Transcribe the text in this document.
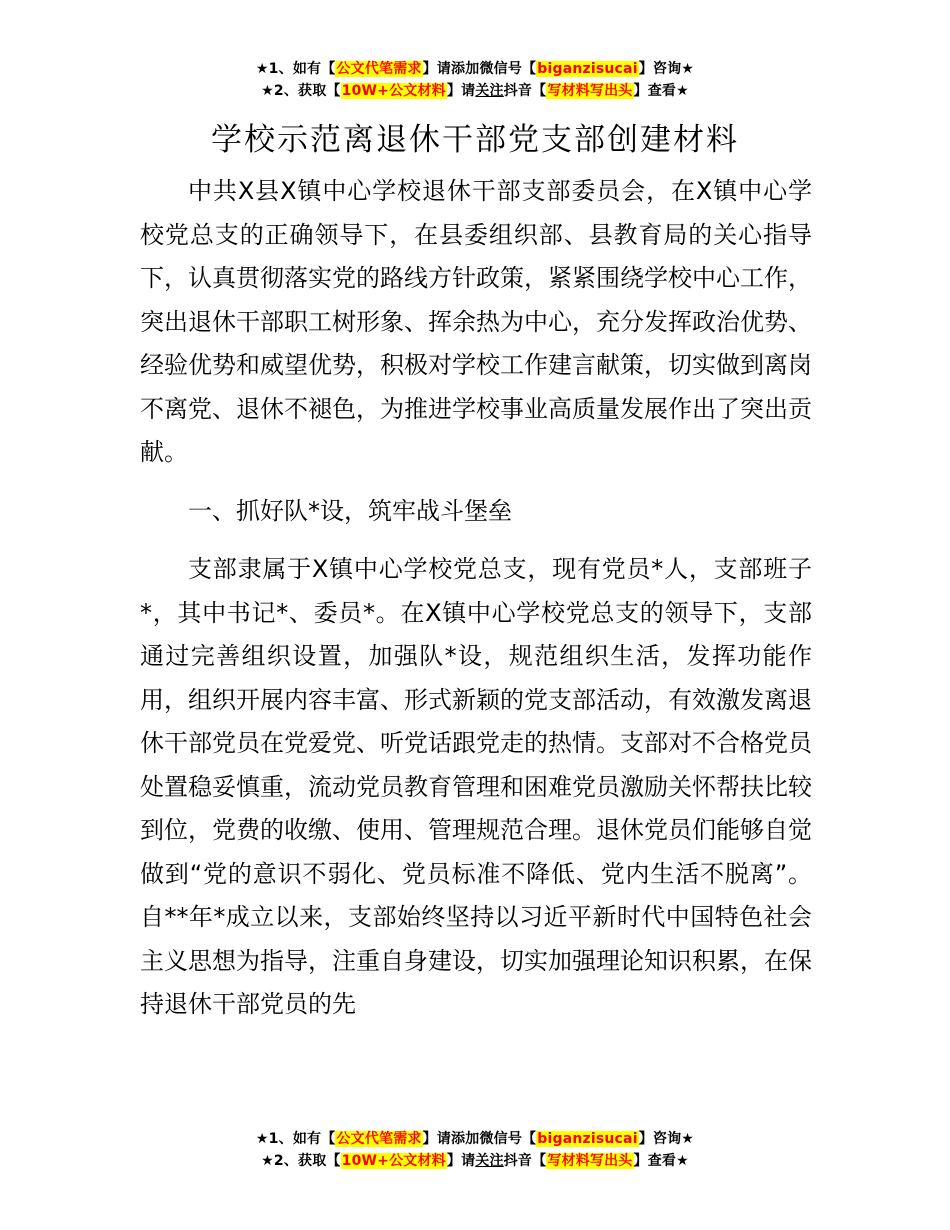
★1、如有【公文代笔需求】请添加微信号【biganzisucai】咨询★
★2、获取【10W+公文材料】请关注抖音【写材料写出头】查看★
学校示范离退休干部党支部创建材料

中共X县X镇中心学校退休干部支部委员会，在X镇中心学校党总支的正确领导下，在县委组织部、县教育局的关心指导下，认真贯彻落实党的路线方针政策，紧紧围绕学校中心工作，突出退休干部职工树形象、挥余热为中心，充分发挥政治优势、经验优势和威望优势，积极对学校工作建言献策，切实做到离岗不离党、退休不褪色，为推进学校事业高质量发展作出了突出贡献。

一、抓好队*设，筑牢战斗堡垒

支部隶属于X镇中心学校党总支，现有党员*人，支部班子*，其中书记*、委员*。在X镇中心学校党总支的领导下，支部通过完善组织设置，加强队*设，规范组织生活，发挥功能作用，组织开展内容丰富、形式新颖的党支部活动，有效激发离退休干部党员在党爱党、听党话跟党走的热情。支部对不合格党员处置稳妥慎重，流动党员教育管理和困难党员激励关怀帮扶比较到位，党费的收缴、使用、管理规范合理。退休党员们能够自觉做到“党的意识不弱化、党员标准不降低、党内生活不脱离”。自**年*成立以来，支部始终坚持以习近平新时代中国特色社会主义思想为指导，注重自身建设，切实加强理论知识积累，在保持退休干部党员的先

★1、如有【公文代笔需求】请添加微信号【biganzisucai】咨询★
★2、获取【10W+公文材料】请关注抖音【写材料写出头】查看★
